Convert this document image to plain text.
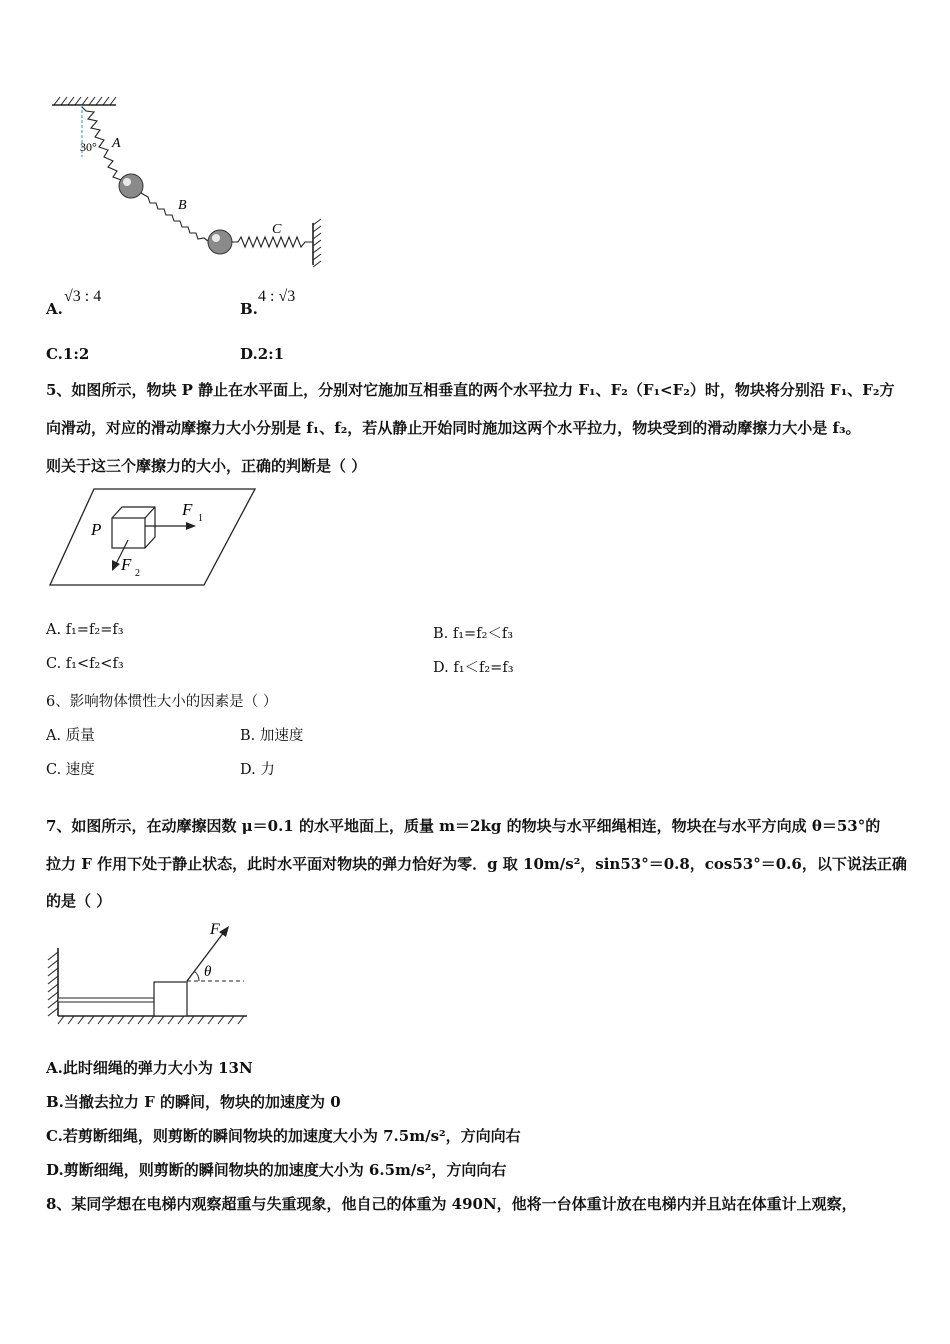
30° A
B
C
A.
√3 : 4
B.
4 : √3
C.1:2	D.2:1
5、如图所示，物块 P 静止在水平面上，分别对它施加互相垂直的两个水平拉力 F₁、F₂（F₁<F₂）时，物块将分别沿 F₁、F₂方
向滑动，对应的滑动摩擦力大小分别是 f₁、f₂，若从静止开始同时施加这两个水平拉力，物块受到的滑动摩擦力大小是 f₃。
则关于这三个摩擦力的大小，正确的判断是（ ）
P
F 1
F 2
A. f₁=f₂=f₃	B. f₁=f₂＜f₃
C. f₁<f₂<f₃	D. f₁＜f₂=f₃
6、影响物体惯性大小的因素是（ ）
A. 质量	B. 加速度
C. 速度	D. 力
7、如图所示，在动摩擦因数 μ＝0.1 的水平地面上，质量 m＝2kg 的物块与水平细绳相连，物块在与水平方向成 θ＝53°的
拉力 F 作用下处于静止状态，此时水平面对物块的弹力恰好为零．g 取 10m/s²，sin53°＝0.8，cos53°＝0.6，以下说法正确
的是（ ）
F
θ
A.此时细绳的弹力大小为 13N
B.当撤去拉力 F 的瞬间，物块的加速度为 0
C.若剪断细绳，则剪断的瞬间物块的加速度大小为 7.5m/s²，方向向右
D.剪断细绳，则剪断的瞬间物块的加速度大小为 6.5m/s²，方向向右
8、某同学想在电梯内观察超重与失重现象，他自己的体重为 490N，他将一台体重计放在电梯内并且站在体重计上观察，
